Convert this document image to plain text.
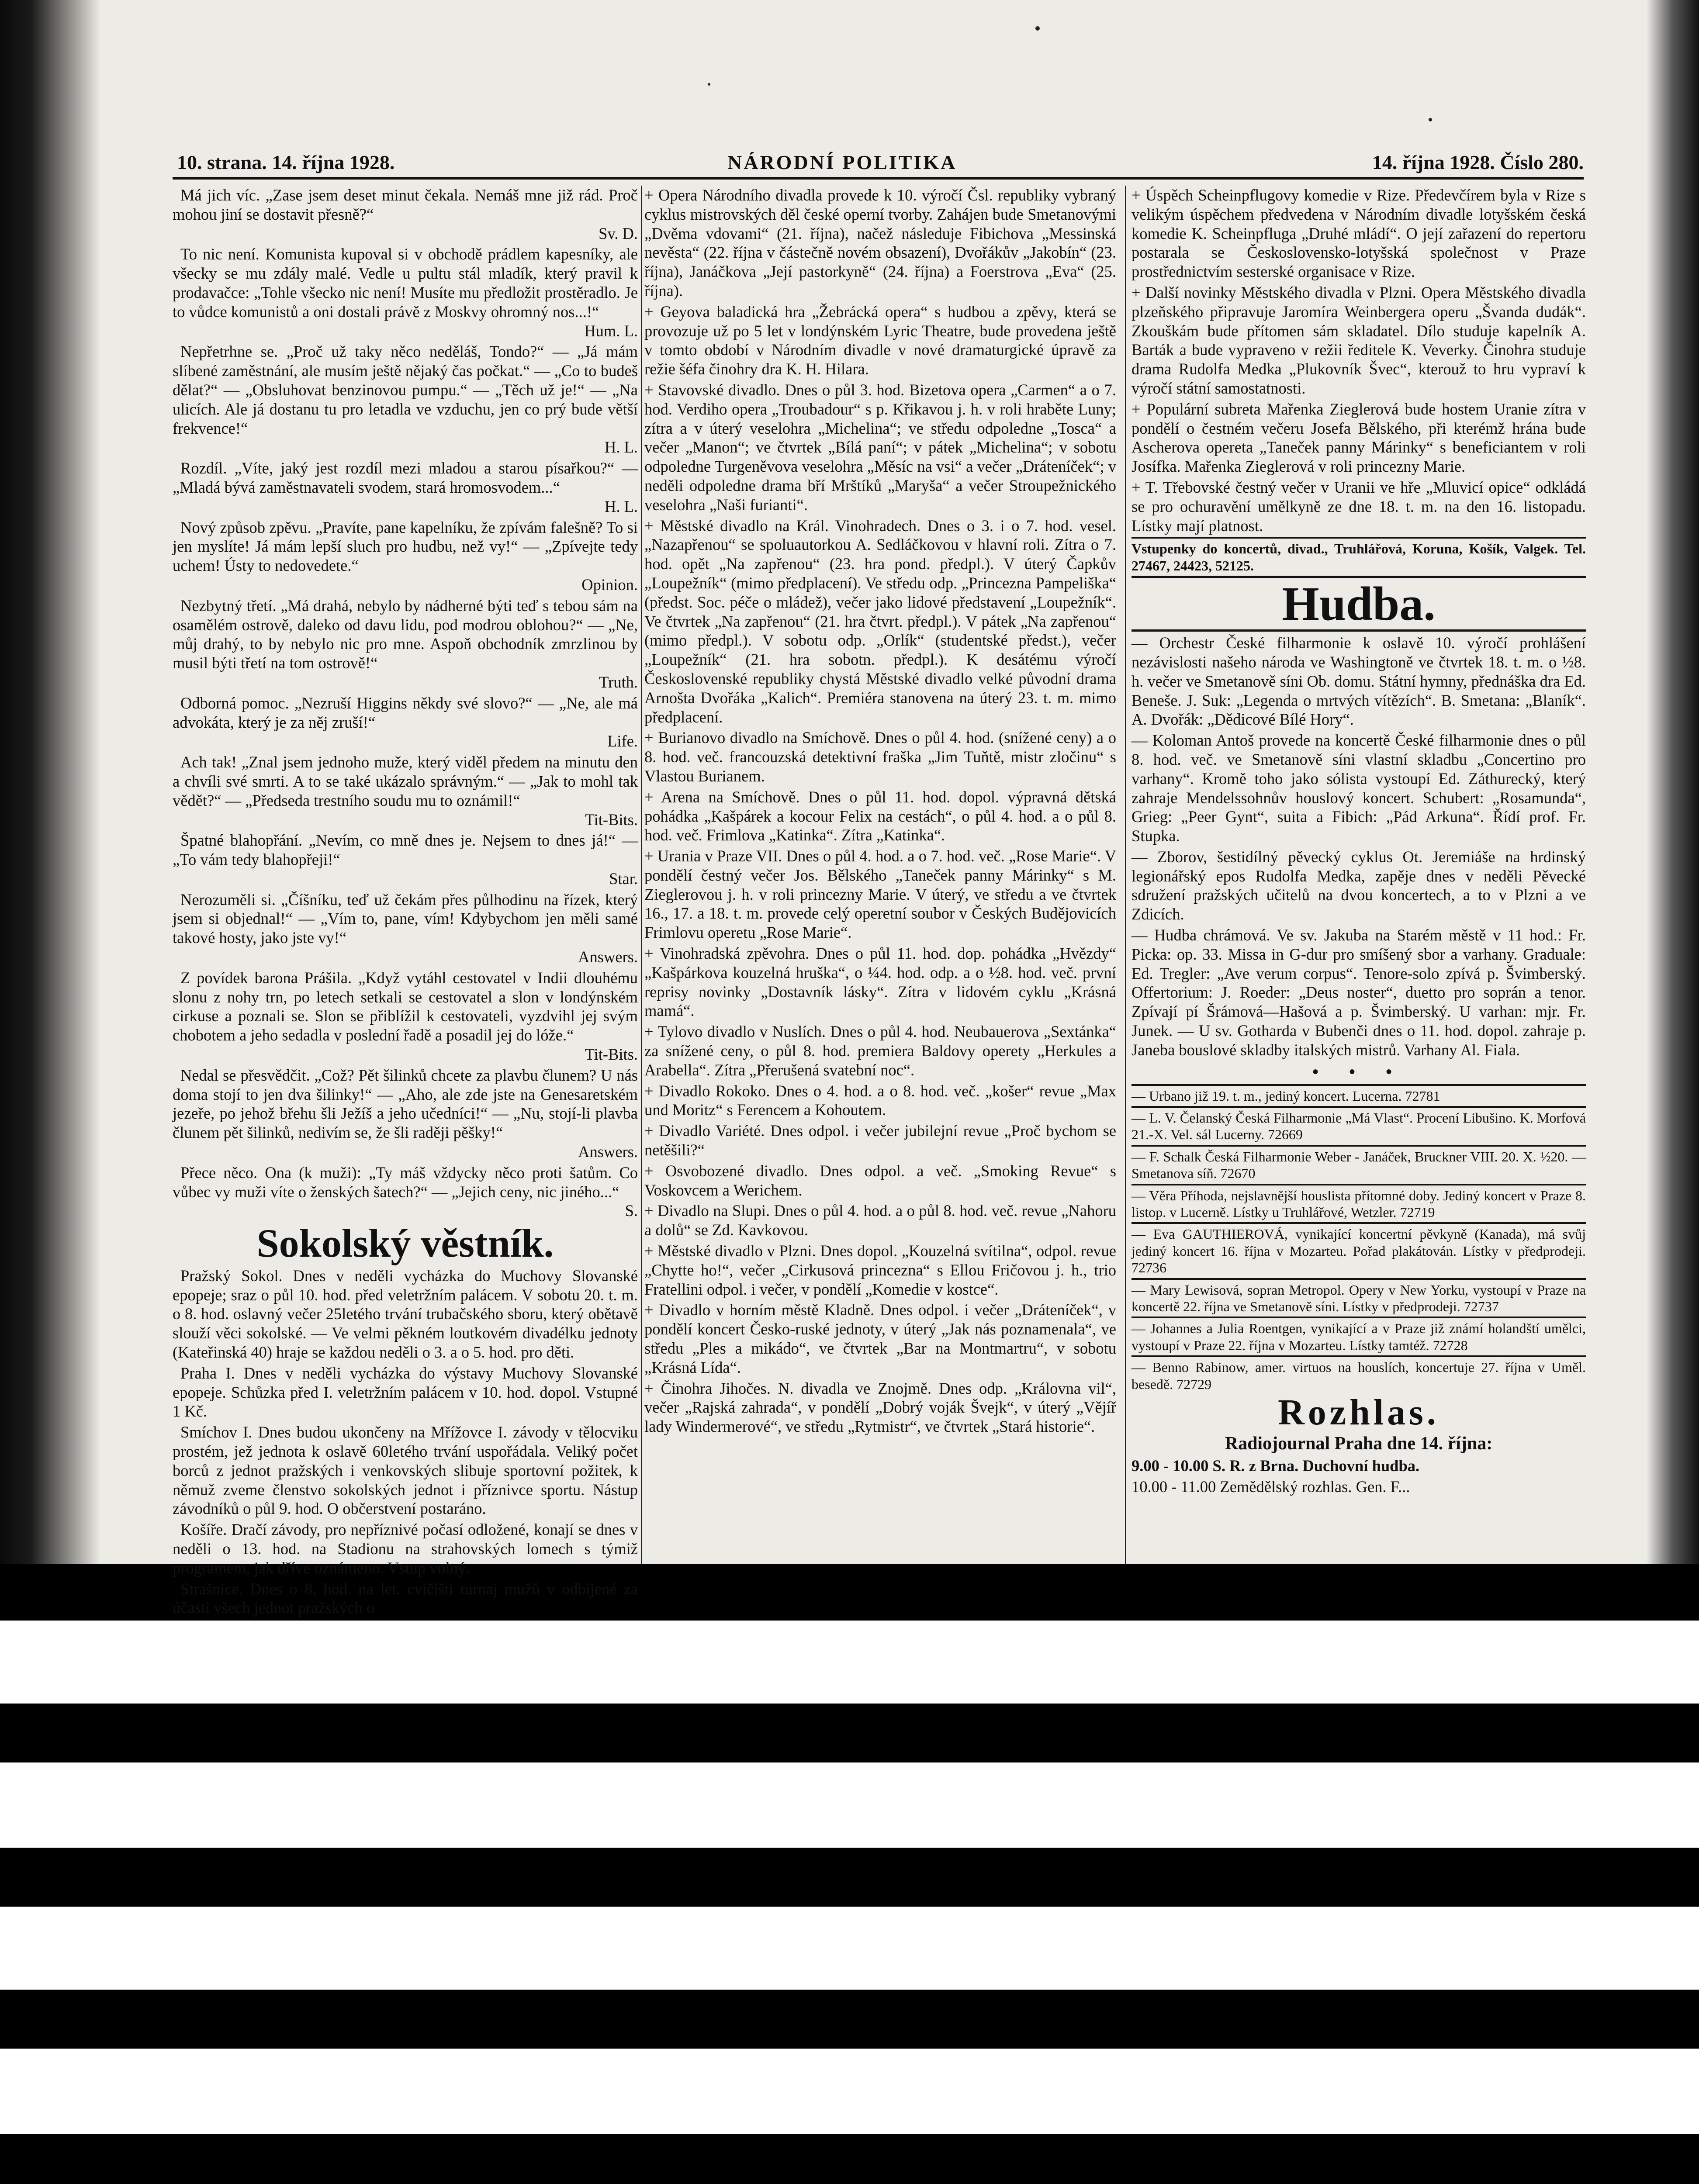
10. strana. 14. října 1928.	NÁRODNÍ POLITIKA	14. října 1928. Číslo 280.

Má jich víc. „Zase jsem deset minut čekala. Nemáš mne již rád. Proč mohou jiní se dostavit přesně?“

Sv. D.

To nic není. Komunista kupoval si v obchodě prádlem kapesníky, ale všecky se mu zdály malé. Vedle u pultu stál mladík, který pravil k prodavačce: „Tohle všecko nic není! Musíte mu předložit prostěradlo. Je to vůdce komunistů a oni dostali právě z Moskvy ohromný nos...!“

Hum. L.

Nepřetrhne se. „Proč už taky něco neděláš, Tondo?“ — „Já mám slíbené zaměstnání, ale musím ještě nějaký čas počkat.“ — „Co to budeš dělat?“ — „Obsluhovat benzinovou pumpu.“ — „Těch už je!“ — „Na ulicích. Ale já dostanu tu pro letadla ve vzduchu, jen co prý bude větší frekvence!“

H. L.

Rozdíl. „Víte, jaký jest rozdíl mezi mladou a starou písařkou?“ — „Mladá bývá zaměstnavateli svodem, stará hromosvodem...“

H. L.

Nový způsob zpěvu. „Pravíte, pane kapelníku, že zpívám falešně? To si jen myslíte! Já mám lepší sluch pro hudbu, než vy!“ — „Zpívejte tedy uchem! Ústy to nedovedete.“

Opinion.

Nezbytný třetí. „Má drahá, nebylo by nádherné býti teď s tebou sám na osamělém ostrově, daleko od davu lidu, pod modrou oblohou?“ — „Ne, můj drahý, to by nebylo nic pro mne. Aspoň obchodník zmrzlinou by musil býti třetí na tom ostrově!“

Truth.

Odborná pomoc. „Nezruší Higgins někdy své slovo?“ — „Ne, ale má advokáta, který je za něj zruší!“

Life.

Ach tak! „Znal jsem jednoho muže, který viděl předem na minutu den a chvíli své smrti. A to se také ukázalo správným.“ — „Jak to mohl tak vědět?“ — „Předseda trestního soudu mu to oznámil!“

Tit-Bits.

Špatné blahopřání. „Nevím, co mně dnes je. Nejsem to dnes já!“ — „To vám tedy blahopřeji!“

Star.

Nerozuměli si. „Číšníku, teď už čekám přes půlhodinu na řízek, který jsem si objednal!“ — „Vím to, pane, vím! Kdybychom jen měli samé takové hosty, jako jste vy!“

Answers.

Z povídek barona Prášila. „Když vytáhl cestovatel v Indii dlouhému slonu z nohy trn, po letech setkali se cestovatel a slon v londýnském cirkuse a poznali se. Slon se přiblížil k cestovateli, vyzdvihl jej svým chobotem a jeho sedadla v poslední řadě a posadil jej do lóže.“

Tit-Bits.

Nedal se přesvědčit. „Což? Pět šilinků chcete za plavbu člunem? U nás doma stojí to jen dva šilinky!“ — „Aho, ale zde jste na Genesaretském jezeře, po jehož břehu šli Ježíš a jeho učedníci!“ — „Nu, stojí-li plavba člunem pět šilinků, nedivím se, že šli raději pěšky!“

Answers.

Přece něco. Ona (k muži): „Ty máš vždycky něco proti šatům. Co vůbec vy muži víte o ženských šatech?“ — „Jejich ceny, nic jiného...“

S.

Sokolský věstník.

Pražský Sokol. Dnes v neděli vycházka do Muchovy Slovanské epopeje; sraz o půl 10. hod. před veletržním palácem. V sobotu 20. t. m. o 8. hod. oslavný večer 25letého trvání trubačského sboru, který obětavě slouží věci sokolské. — Ve velmi pěkném loutkovém divadélku jednoty (Kateřinská 40) hraje se každou neděli o 3. a o 5. hod. pro děti.

Praha I. Dnes v neděli vycházka do výstavy Muchovy Slovanské epopeje. Schůzka před I. veletržním palácem v 10. hod. dopol. Vstupné 1 Kč.

Smíchov I. Dnes budou ukončeny na Mřížovce I. závody v tělocviku prostém, jež jednota k oslavě 60letého trvání uspořádala. Veliký počet borců z jednot pražských i venkovských slibuje sportovní požitek, k němuž zveme členstvo sokolských jednot i příznivce sportu. Nástup závodníků o půl 9. hod. O občerstvení postaráno.

Košíře. Dračí závody, pro nepříznivé počasí odložené, konají se dnes v neděli o 13. hod. na Stadionu na strahovských lomech s týmiž programem, jak dříve oznámeno. Vstup volný.

Strašnice. Dnes o 8. hod. na let. cvičišti turnaj mužů v odbíjené za účasti všech jednot pražských o

+ Opera Národního divadla provede k 10. výročí Čsl. republiky vybraný cyklus mistrovských děl české operní tvorby. Zahájen bude Smetanovými „Dvěma vdovami“ (21. října), načež následuje Fibichova „Messinská nevěsta“ (22. října v částečně novém obsazení), Dvořákův „Jakobín“ (23. října), Janáčkova „Její pastorkyně“ (24. října) a Foerstrova „Eva“ (25. října).

+ Geyova baladická hra „Žebrácká opera“ s hudbou a zpěvy, která se provozuje už po 5 let v londýnském Lyric Theatre, bude provedena ještě v tomto období v Národním divadle v nové dramaturgické úpravě za režie šéfa činohry dra K. H. Hilara.

+ Stavovské divadlo. Dnes o půl 3. hod. Bizetova opera „Carmen“ a o 7. hod. Verdiho opera „Troubadour“ s p. Křikavou j. h. v roli hraběte Luny; zítra a v úterý veselohra „Michelina“; ve středu odpoledne „Tosca“ a večer „Manon“; ve čtvrtek „Bílá paní“; v pátek „Michelina“; v sobotu odpoledne Turgeněvova veselohra „Měsíc na vsi“ a večer „Dráteníček“; v neděli odpoledne drama bří Mrštíků „Maryša“ a večer Stroupežnického veselohra „Naši furianti“.

+ Městské divadlo na Král. Vinohradech. Dnes o 3. i o 7. hod. vesel. „Nazapřenou“ se spoluautorkou A. Sedláčkovou v hlavní roli. Zítra o 7. hod. opět „Na zapřenou“ (23. hra pond. předpl.). V úterý Čapkův „Loupežník“ (mimo předplacení). Ve středu odp. „Princezna Pampeliška“ (předst. Soc. péče o mládež), večer jako lidové představení „Loupežník“. Ve čtvrtek „Na zapřenou“ (21. hra čtvrt. předpl.). V pátek „Na zapřenou“ (mimo předpl.). V sobotu odp. „Orlík“ (studentské předst.), večer „Loupežník“ (21. hra sobotn. předpl.). K desátému výročí Československé republiky chystá Městské divadlo velké původní drama Arnošta Dvořáka „Kalich“. Premiéra stanovena na úterý 23. t. m. mimo předplacení.

+ Burianovo divadlo na Smíchově. Dnes o půl 4. hod. (snížené ceny) a o 8. hod. več. francouzská detektivní fraška „Jim Tuňtě, mistr zločinu“ s Vlastou Burianem.

+ Arena na Smíchově. Dnes o půl 11. hod. dopol. výpravná dětská pohádka „Kašpárek a kocour Felix na cestách“, o půl 4. hod. a o půl 8. hod. več. Frimlova „Katinka“. Zítra „Katinka“.

+ Urania v Praze VII. Dnes o půl 4. hod. a o 7. hod. več. „Rose Marie“. V pondělí čestný večer Jos. Bělského „Taneček panny Márinky“ s M. Zieglerovou j. h. v roli princezny Marie. V úterý, ve středu a ve čtvrtek 16., 17. a 18. t. m. provede celý operetní soubor v Českých Budějovicích Frimlovu operetu „Rose Marie“.

+ Vinohradská zpěvohra. Dnes o půl 11. hod. dop. pohádka „Hvězdy“ „Kašpárkova kouzelná hruška“, o ¼4. hod. odp. a o ½8. hod. več. první reprisy novinky „Dostavník lásky“. Zítra v lidovém cyklu „Krásná mamá“.

+ Tylovo divadlo v Nuslích. Dnes o půl 4. hod. Neubauerova „Sextánka“ za snížené ceny, o půl 8. hod. premiera Baldovy operety „Herkules a Arabella“. Zítra „Přerušená svatební noc“.

+ Divadlo Rokoko. Dnes o 4. hod. a o 8. hod. več. „košer“ revue „Max und Moritz“ s Ferencem a Kohoutem.

+ Divadlo Variété. Dnes odpol. i večer jubilejní revue „Proč bychom se netěšili?“

+ Osvobozené divadlo. Dnes odpol. a več. „Smoking Revue“ s Voskovcem a Werichem.

+ Divadlo na Slupi. Dnes o půl 4. hod. a o půl 8. hod. več. revue „Nahoru a dolů“ se Zd. Kavkovou.

+ Městské divadlo v Plzni. Dnes dopol. „Kouzelná svítilna“, odpol. revue „Chytte ho!“, večer „Cirkusová princezna“ s Ellou Fričovou j. h., trio Fratellini odpol. i večer, v pondělí „Komedie v kostce“.

+ Divadlo v horním městě Kladně. Dnes odpol. i večer „Dráteníček“, v pondělí koncert Česko-ruské jednoty, v úterý „Jak nás poznamenala“, ve středu „Ples a mikádo“, ve čtvrtek „Bar na Montmartru“, v sobotu „Krásná Lída“.

+ Činohra Jihočes. N. divadla ve Znojmě. Dnes odp. „Královna vil“, večer „Rajská zahrada“, v pondělí „Dobrý voják Švejk“, v úterý „Vějíř lady Windermerové“, ve středu „Rytmistr“, ve čtvrtek „Stará historie“.

+ Úspěch Scheinpflugovy komedie v Rize. Předevčírem byla v Rize s velikým úspěchem předvedena v Národním divadle lotyšském česká komedie K. Scheinpfluga „Druhé mládí“. O její zařazení do repertoru postarala se Československo-lotyšská společnost v Praze prostřednictvím sesterské organisace v Rize.

+ Další novinky Městského divadla v Plzni. Opera Městského divadla plzeňského připravuje Jaromíra Weinbergera operu „Švanda dudák“. Zkouškám bude přítomen sám skladatel. Dílo studuje kapelník A. Barták a bude vypraveno v režii ředitele K. Veverky. Činohra studuje drama Rudolfa Medka „Plukovník Švec“, kterouž to hru vypraví k výročí státní samostatnosti.

+ Populární subreta Mařenka Zieglerová bude hostem Uranie zítra v pondělí o čestném večeru Josefa Bělského, při kterémž hrána bude Ascherova opereta „Taneček panny Márinky“ s beneficiantem v roli Josífka. Mařenka Zieglerová v roli princezny Marie.

+ T. Třebovské čestný večer v Uranii ve hře „Mluvicí opice“ odkládá se pro ochuravění umělkyně ze dne 18. t. m. na den 16. listopadu. Lístky mají platnost.

Vstupenky do koncertů, divad., Truhlářová, Koruna, Košík, Valgek. Tel. 27467, 24423, 52125.

Hudba.

— Orchestr České filharmonie k oslavě 10. výročí prohlášení nezávislosti našeho národa ve Washingtoně ve čtvrtek 18. t. m. o ½8. h. večer ve Smetanově síni Ob. domu. Státní hymny, přednáška dra Ed. Beneše. J. Suk: „Legenda o mrtvých vítězích“. B. Smetana: „Blaník“. A. Dvořák: „Dědicové Bílé Hory“.

— Koloman Antoš provede na koncertě České filharmonie dnes o půl 8. hod. več. ve Smetanově síni vlastní skladbu „Concertino pro varhany“. Kromě toho jako sólista vystoupí Ed. Záthurecký, který zahraje Mendelssohnův houslový koncert. Schubert: „Rosamunda“, Grieg: „Peer Gynt“, suita a Fibich: „Pád Arkuna“. Řídí prof. Fr. Stupka.

— Zborov, šestidílný pěvecký cyklus Ot. Jeremiáše na hrdinský legionářský epos Rudolfa Medka, zapěje dnes v neděli Pěvecké sdružení pražských učitelů na dvou koncertech, a to v Plzni a ve Zdicích.

— Hudba chrámová. Ve sv. Jakuba na Starém městě v 11 hod.: Fr. Picka: op. 33. Missa in G-dur pro smíšený sbor a varhany. Graduale: Ed. Tregler: „Ave verum corpus“. Tenore-solo zpívá p. Švimberský. Offertorium: J. Roeder: „Deus noster“, duetto pro soprán a tenor. Zpívají pí Šrámová—Hašová a p. Švimberský. U varhan: mjr. Fr. Junek. — U sv. Gotharda v Bubenči dnes o 11. hod. dopol. zahraje p. Janeba bouslové skladby italských mistrů. Varhany Al. Fiala.

• • •

— Urbano již 19. t. m., jediný koncert. Lucerna. 72781

— L. V. Čelanský Česká Filharmonie „Má Vlast“. Procení Libušino. K. Morfová 21.-X. Vel. sál Lucerny. 72669

— F. Schalk Česká Filharmonie Weber - Janáček, Bruckner VIII. 20. X. ½20. — Smetanova síň. 72670

— Věra Příhoda, nejslavnější houslista přítomné doby. Jediný koncert v Praze 8. listop. v Lucerně. Lístky u Truhlářové, Wetzler. 72719

— Eva GAUTHIEROVÁ, vynikající koncertní pěvkyně (Kanada), má svůj jediný koncert 16. října v Mozarteu. Pořad plakátován. Lístky v předprodeji. 72736

— Mary Lewisová, sopran Metropol. Opery v New Yorku, vystoupí v Praze na koncertě 22. října ve Smetanově síni. Lístky v předprodeji. 72737

— Johannes a Julia Roentgen, vynikající a v Praze již známí holandští umělci, vystoupí v Praze 22. října v Mozarteu. Lístky tamtéž. 72728

— Benno Rabinow, amer. virtuos na houslích, koncertuje 27. října v Uměl. besedě. 72729

Rozhlas.

Radiojournal Praha dne 14. října:

9.00 - 10.00 S. R. z Brna. Duchovní hudba.

10.00 - 11.00 Zemědělský rozhlas. Gen. F...
